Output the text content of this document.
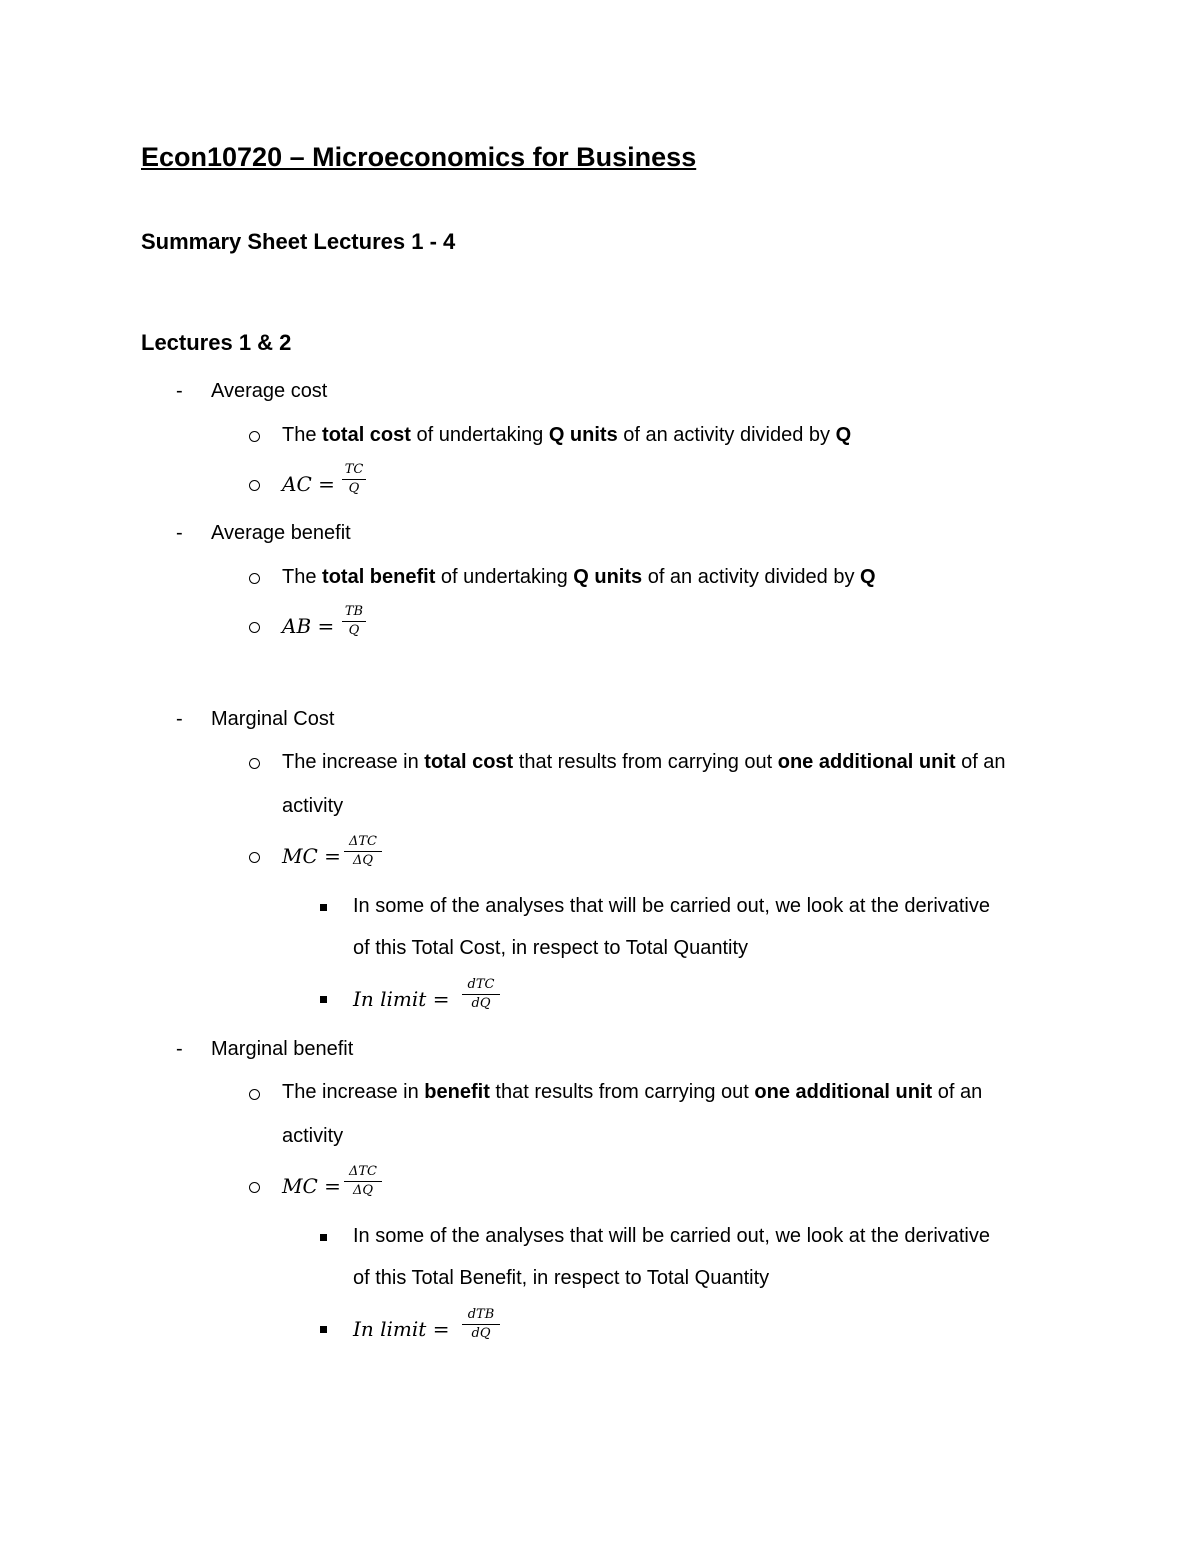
Econ10720 – Microeconomics for Business
Summary Sheet Lectures 1 - 4
Lectures 1 & 2
- Average cost
The total cost of undertaking Q units of an activity divided by Q
AC =
TC
Q
- Average benefit
The total benefit of undertaking Q units of an activity divided by Q
AB =
TB
Q
- Marginal Cost
The increase in total cost that results from carrying out one additional unit of an
activity
MC =
ΔTC
ΔQ
In some of the analyses that will be carried out, we look at the derivative
of this Total Cost, in respect to Total Quantity
In limit =
dTC
dQ
- Marginal benefit
The increase in benefit that results from carrying out one additional unit of an
activity
MC =
ΔTC
ΔQ
In some of the analyses that will be carried out, we look at the derivative
of this Total Benefit, in respect to Total Quantity
In limit =
dTB
dQ
